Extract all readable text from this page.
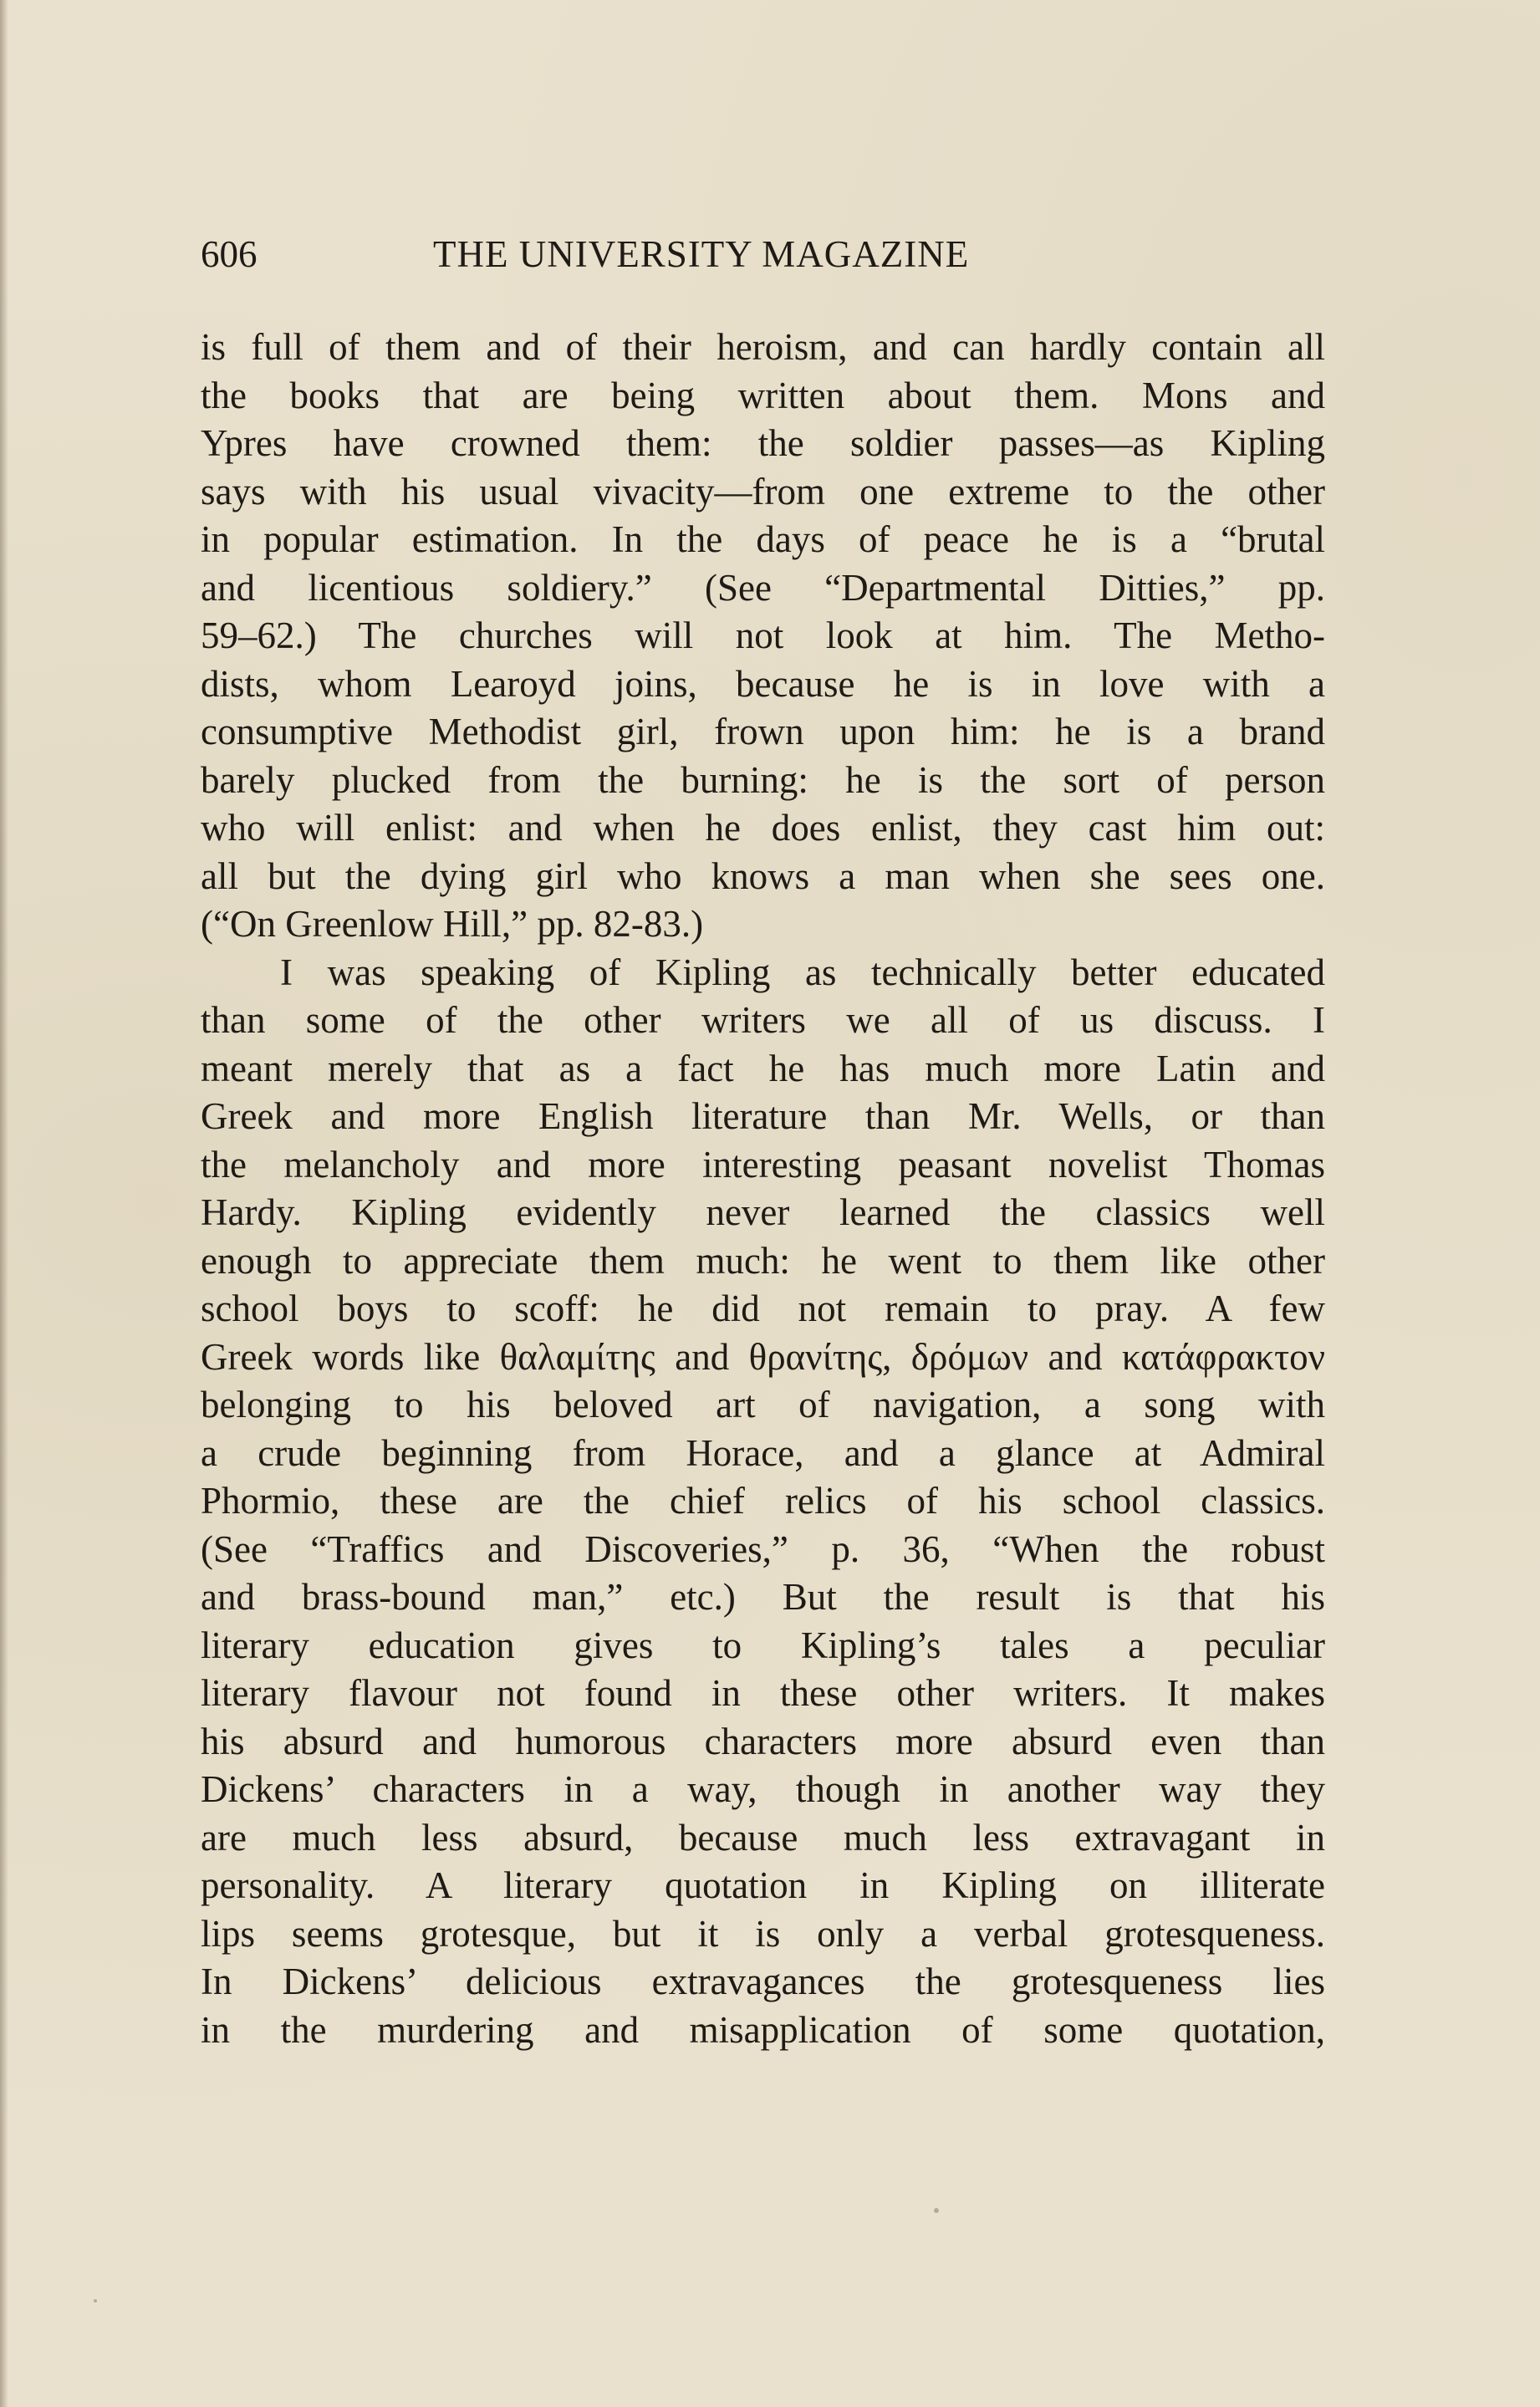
606	THE UNIVERSITY MAGAZINE
is full of them and of their heroism, and can hardly contain all
the books that are being written about them. Mons and
Ypres have crowned them: the soldier passes—as Kipling
says with his usual vivacity—from one extreme to the other
in popular estimation. In the days of peace he is a “brutal
and licentious soldiery.” (See “Departmental Ditties,” pp.
59–62.) The churches will not look at him. The Metho-
dists, whom Learoyd joins, because he is in love with a
consumptive Methodist girl, frown upon him: he is a brand
barely plucked from the burning: he is the sort of person
who will enlist: and when he does enlist, they cast him out:
all but the dying girl who knows a man when she sees one.
(“On Greenlow Hill,” pp. 82-83.)
I was speaking of Kipling as technically better educated
than some of the other writers we all of us discuss. I
meant merely that as a fact he has much more Latin and
Greek and more English literature than Mr. Wells, or than
the melancholy and more interesting peasant novelist Thomas
Hardy. Kipling evidently never learned the classics well
enough to appreciate them much: he went to them like other
school boys to scoff: he did not remain to pray. A few
Greek words like θαλαμίτης and θρανίτης, δρόμων and κατάφρακτον
belonging to his beloved art of navigation, a song with
a crude beginning from Horace, and a glance at Admiral
Phormio, these are the chief relics of his school classics.
(See “Traffics and Discoveries,” p. 36, “When the robust
and brass-bound man,” etc.) But the result is that his
literary education gives to Kipling’s tales a peculiar
literary flavour not found in these other writers. It makes
his absurd and humorous characters more absurd even than
Dickens’ characters in a way, though in another way they
are much less absurd, because much less extravagant in
personality. A literary quotation in Kipling on illiterate
lips seems grotesque, but it is only a verbal grotesqueness.
In Dickens’ delicious extravagances the grotesqueness lies
in the murdering and misapplication of some quotation,
